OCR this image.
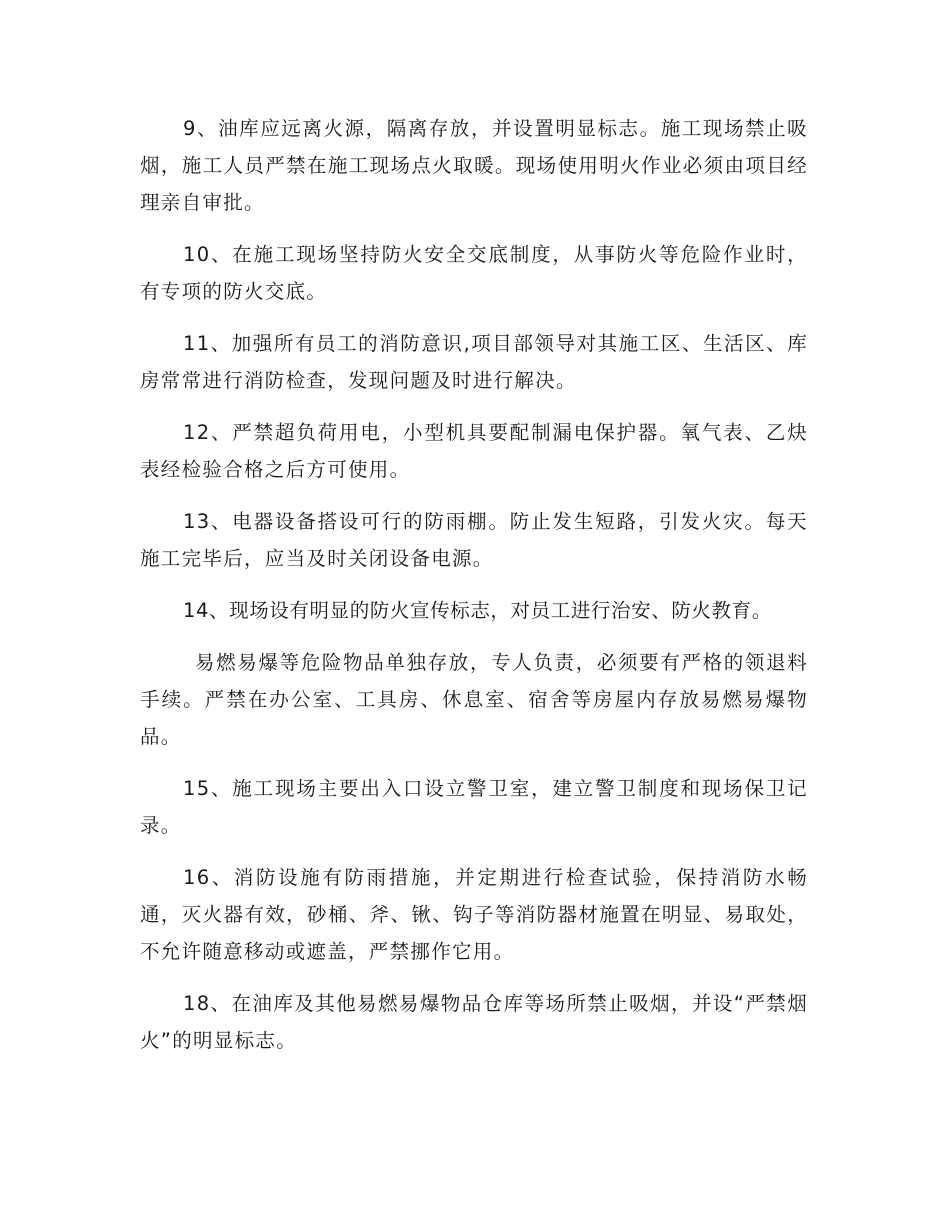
9、油库应远离火源，隔离存放，并设置明显标志。施工现场禁止吸烟，施工人员严禁在施工现场点火取暖。现场使用明火作业必须由项目经理亲自审批。

10、在施工现场坚持防火安全交底制度，从事防火等危险作业时，有专项的防火交底。

11、加强所有员工的消防意识,项目部领导对其施工区、生活区、库房常常进行消防检查，发现问题及时进行解决。

12、严禁超负荷用电，小型机具要配制漏电保护器。氧气表、乙炔表经检验合格之后方可使用。

13、电器设备搭设可行的防雨棚。防止发生短路，引发火灾。每天施工完毕后，应当及时关闭设备电源。

14、现场设有明显的防火宣传标志，对员工进行治安、防火教育。

易燃易爆等危险物品单独存放，专人负责，必须要有严格的领退料手续。严禁在办公室、工具房、休息室、宿舍等房屋内存放易燃易爆物品。

15、施工现场主要出入口设立警卫室，建立警卫制度和现场保卫记录。

16、消防设施有防雨措施，并定期进行检查试验，保持消防水畅通，灭火器有效，砂桶、斧、锹、钩子等消防器材施置在明显、易取处，不允许随意移动或遮盖，严禁挪作它用。

18、在油库及其他易燃易爆物品仓库等场所禁止吸烟，并设“严禁烟火”的明显标志。
